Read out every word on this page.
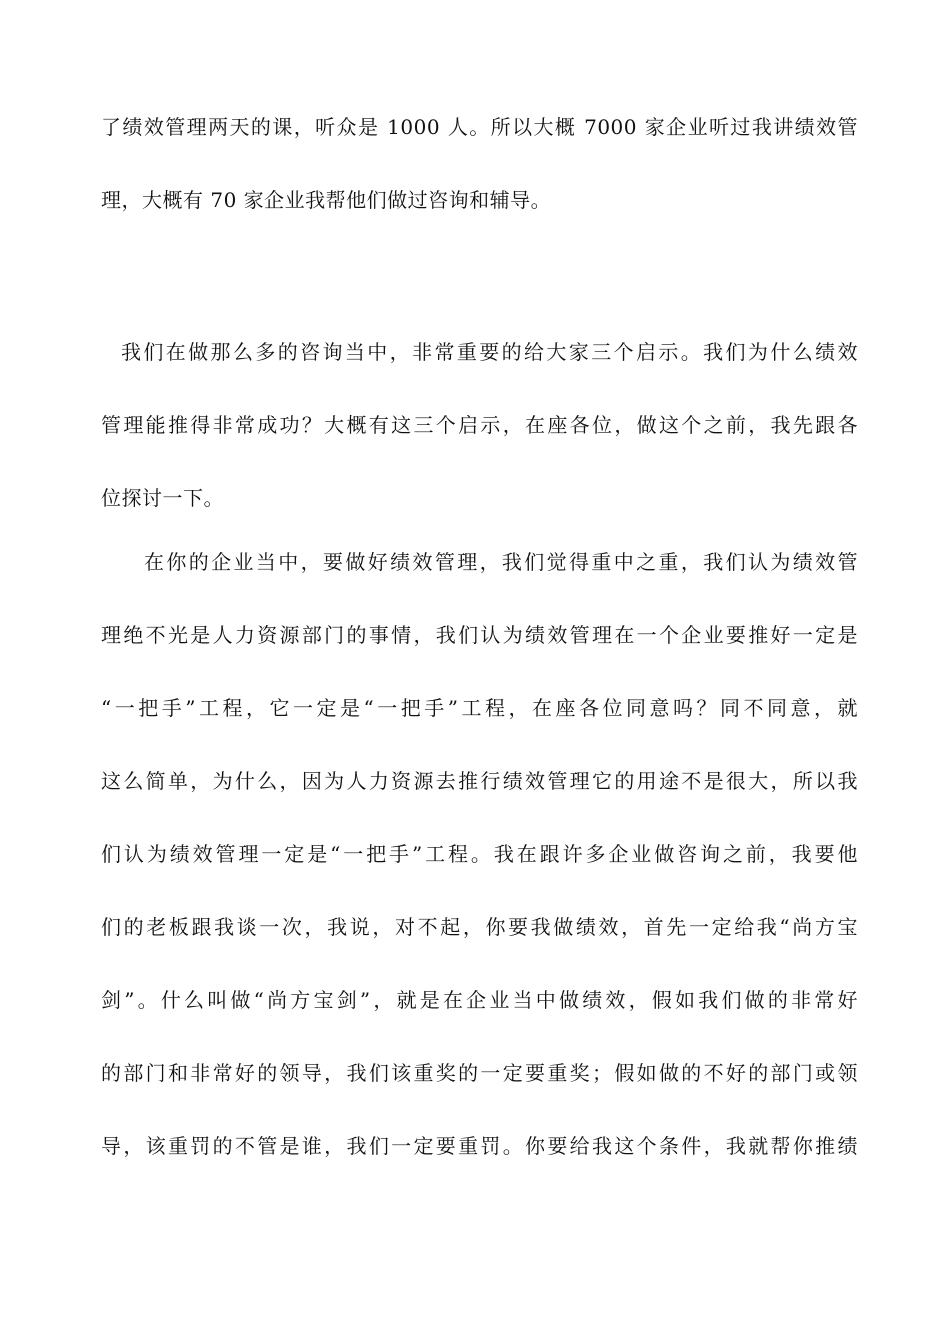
了绩效管理两天的课，听众是 1000 人。所以大概 7000 家企业听过我讲绩效管
理，大概有 70 家企业我帮他们做过咨询和辅导。
我们在做那么多的咨询当中，非常重要的给大家三个启示。我们为什么绩效
管理能推得非常成功？大概有这三个启示，在座各位，做这个之前，我先跟各
位探讨一下。
在你的企业当中，要做好绩效管理，我们觉得重中之重，我们认为绩效管
理绝不光是人力资源部门的事情，我们认为绩效管理在一个企业要推好一定是
“一把手”工程，它一定是“一把手”工程，在座各位同意吗？同不同意，就
这么简单，为什么，因为人力资源去推行绩效管理它的用途不是很大，所以我
们认为绩效管理一定是“一把手”工程。我在跟许多企业做咨询之前，我要他
们的老板跟我谈一次，我说，对不起，你要我做绩效，首先一定给我“尚方宝
剑”。什么叫做“尚方宝剑”，就是在企业当中做绩效，假如我们做的非常好
的部门和非常好的领导，我们该重奖的一定要重奖；假如做的不好的部门或领
导，该重罚的不管是谁，我们一定要重罚。你要给我这个条件，我就帮你推绩
